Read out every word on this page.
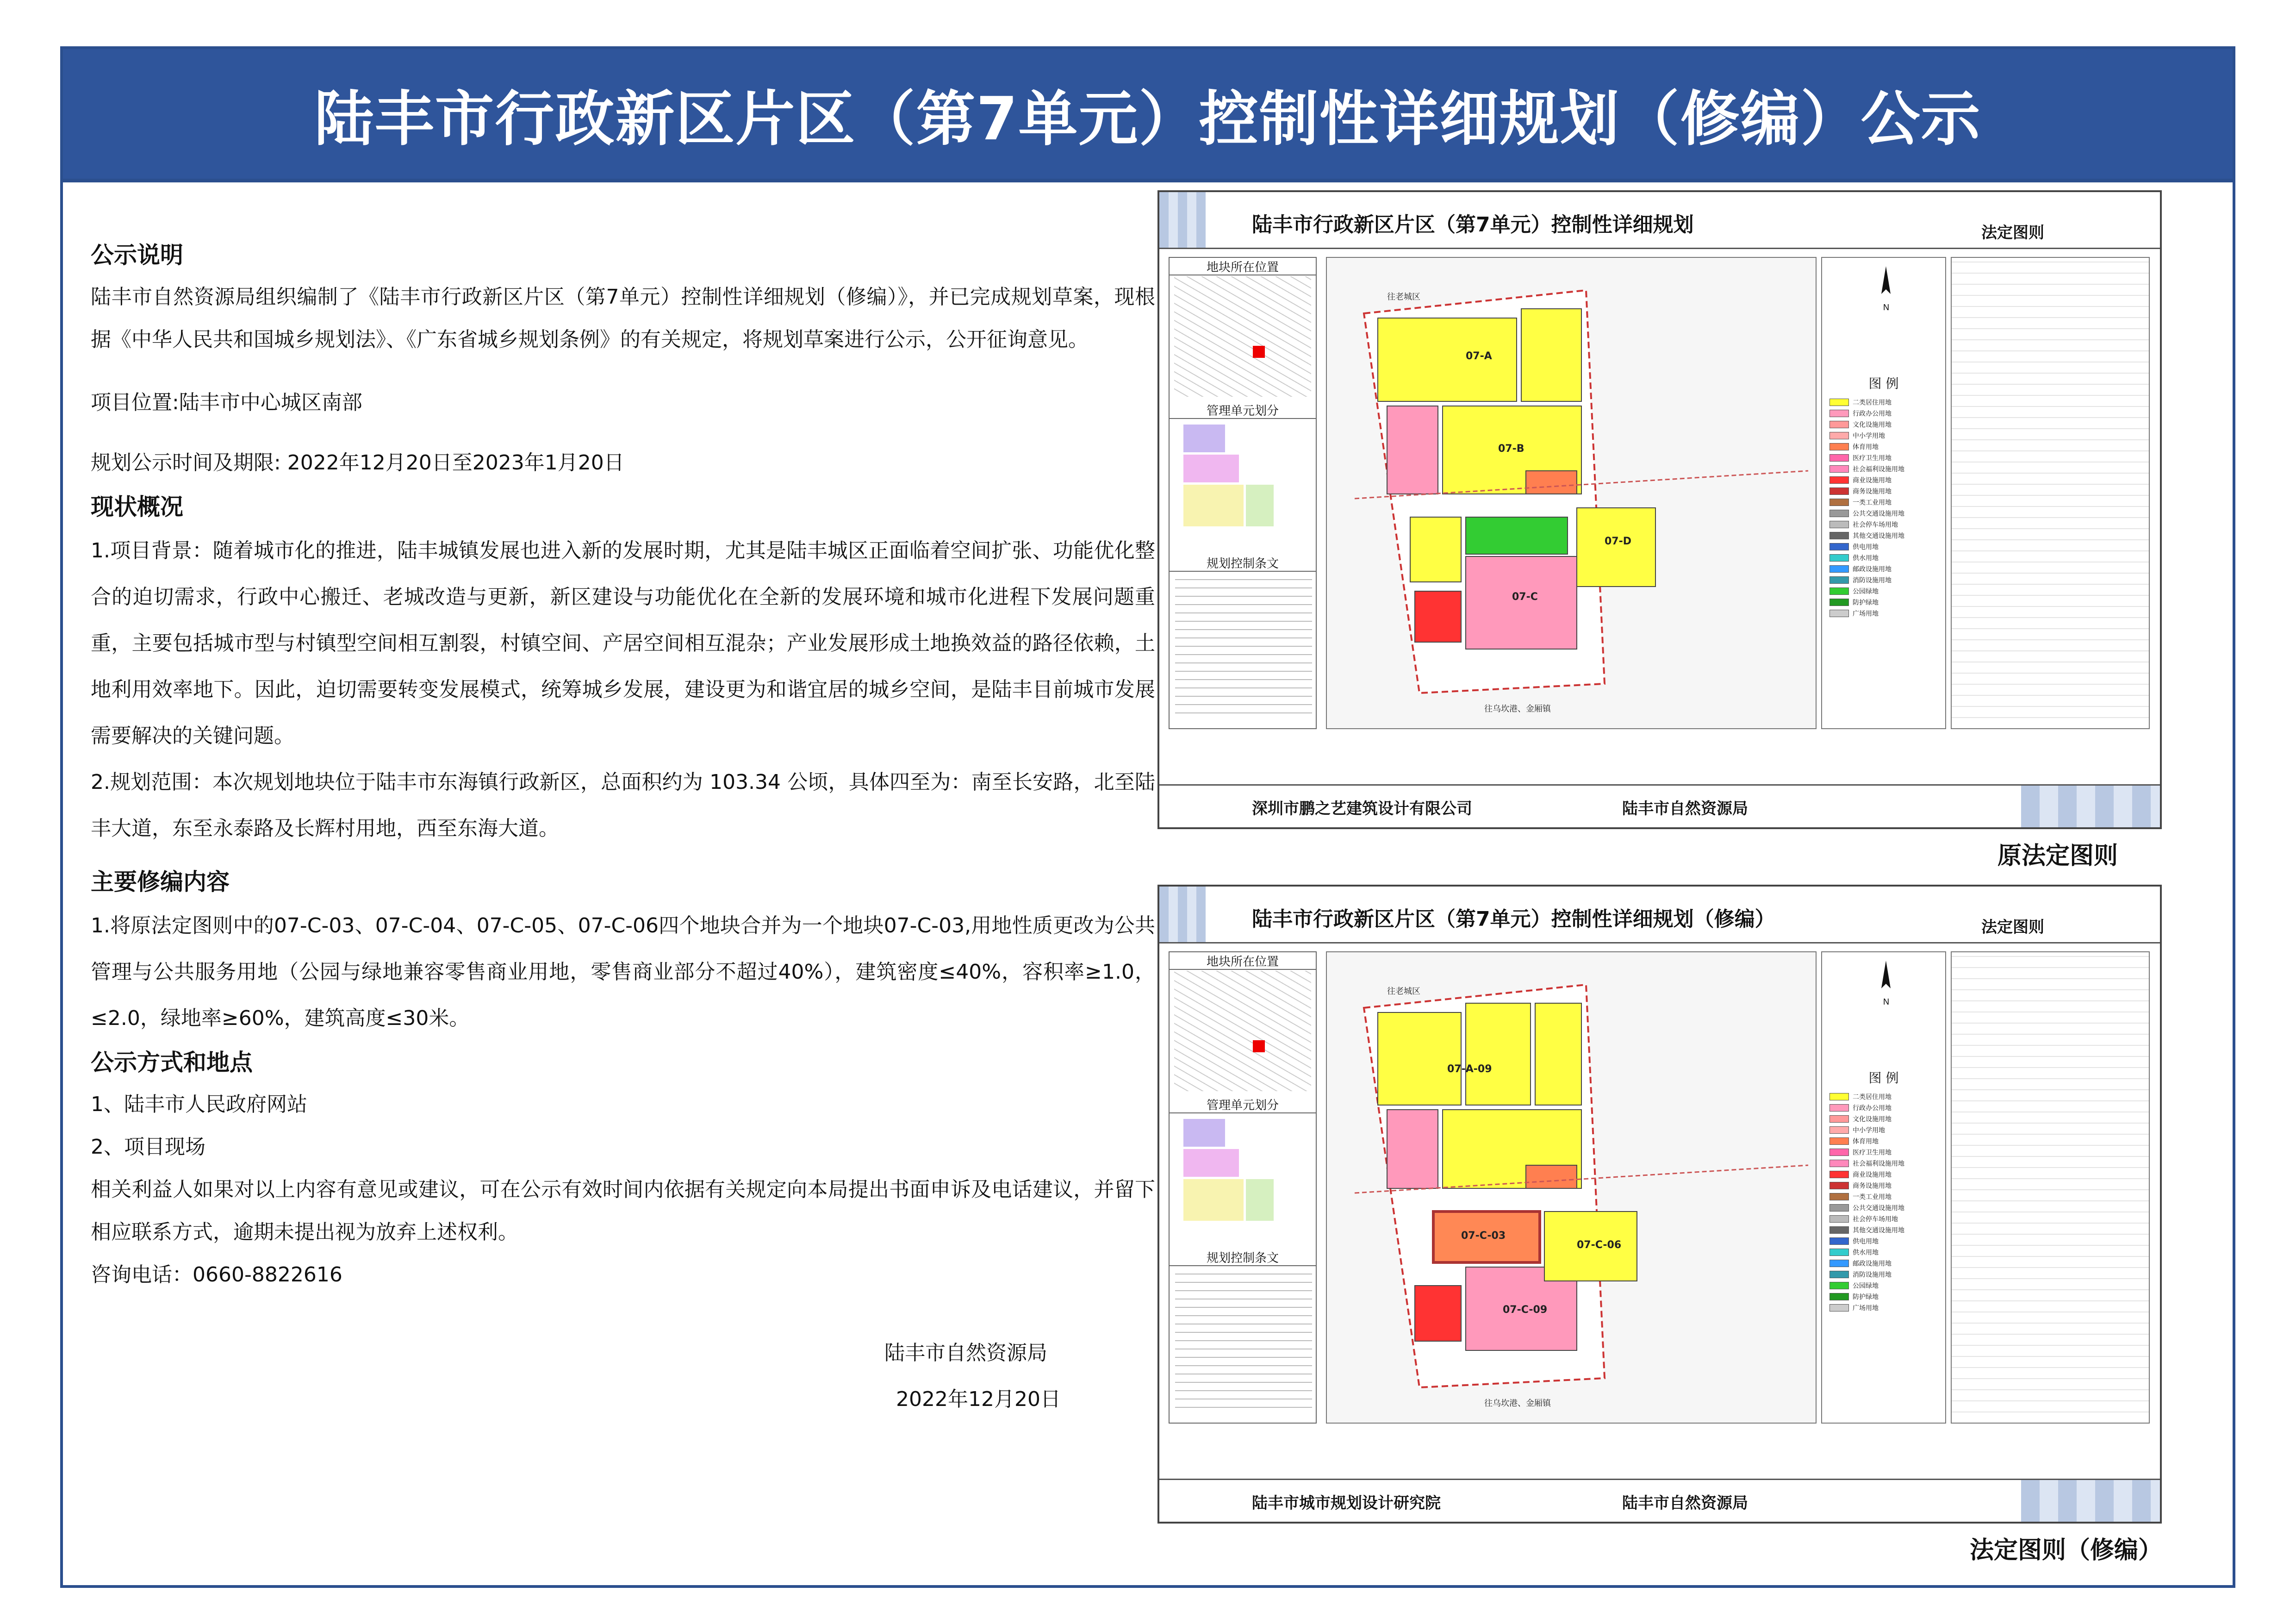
陆丰市行政新区片区（第7单元）控制性详细规划（修编）公示

公示说明

陆丰市自然资源局组织编制了《陆丰市行政新区片区（第7单元）控制性详细规划（修编）》，并已完成规划草案，现根据《中华人民共和国城乡规划法》、《广东省城乡规划条例》的有关规定，将规划草案进行公示，公开征询意见。

项目位置:陆丰市中心城区南部

规划公示时间及期限: 2022年12月20日至2023年1月20日

现状概况

1.项目背景：随着城市化的推进，陆丰城镇发展也进入新的发展时期，尤其是陆丰城区正面临着空间扩张、功能优化整合的迫切需求，行政中心搬迁、老城改造与更新，新区建设与功能优化在全新的发展环境和城市化进程下发展问题重重，主要包括城市型与村镇型空间相互割裂，村镇空间、产居空间相互混杂；产业发展形成土地换效益的路径依赖，土地利用效率地下。因此，迫切需要转变发展模式，统筹城乡发展，建设更为和谐宜居的城乡空间，是陆丰目前城市发展需要解决的关键问题。

2.规划范围：本次规划地块位于陆丰市东海镇行政新区，总面积约为 103.34 公顷，具体四至为：南至长安路，北至陆丰大道，东至永泰路及长辉村用地，西至东海大道。

主要修编内容

1.将原法定图则中的07-C-03、07-C-04、07-C-05、07-C-06四个地块合并为一个地块07-C-03,用地性质更改为公共管理与公共服务用地（公园与绿地兼容零售商业用地，零售商业部分不超过40%），建筑密度≤40%，容积率≥1.0，≤2.0，绿地率≥60%，建筑高度≤30米。

公示方式和地点

1、陆丰市人民政府网站

2、项目现场

相关利益人如果对以上内容有意见或建议，可在公示有效时间内依据有关规定向本局提出书面申诉及电话建议，并留下相应联系方式，逾期未提出视为放弃上述权利。

咨询电话：0660-8822616

陆丰市自然资源局
2022年12月20日
陆丰市行政新区片区（第7单元）控制性详细规划	法定图则
地块所在位置
管理单元划分
规划控制条文
07-A
07-B
07-C
07-D
往老城区
往乌坎港、金厢镇
图 例
二类居住用地
行政办公用地
文化设施用地
中小学用地
体育用地
医疗卫生用地
社会福利设施用地
商业设施用地
商务设施用地
一类工业用地
公共交通设施用地
社会停车场用地
其他交通设施用地
供电用地
供水用地
邮政设施用地
消防设施用地
公园绿地
防护绿地
广场用地
N
深圳市鹏之艺建筑设计有限公司	陆丰市自然资源局
原法定图则
陆丰市行政新区片区（第7单元）控制性详细规划（修编）	法定图则
地块所在位置
管理单元划分
规划控制条文
07-A-09
07-C-03
07-C-09
07-C-06
往老城区
往乌坎港、金厢镇
图 例
二类居住用地
行政办公用地
文化设施用地
中小学用地
体育用地
医疗卫生用地
社会福利设施用地
商业设施用地
商务设施用地
一类工业用地
公共交通设施用地
社会停车场用地
其他交通设施用地
供电用地
供水用地
邮政设施用地
消防设施用地
公园绿地
防护绿地
广场用地
N
陆丰市城市规划设计研究院	陆丰市自然资源局
法定图则（修编）
